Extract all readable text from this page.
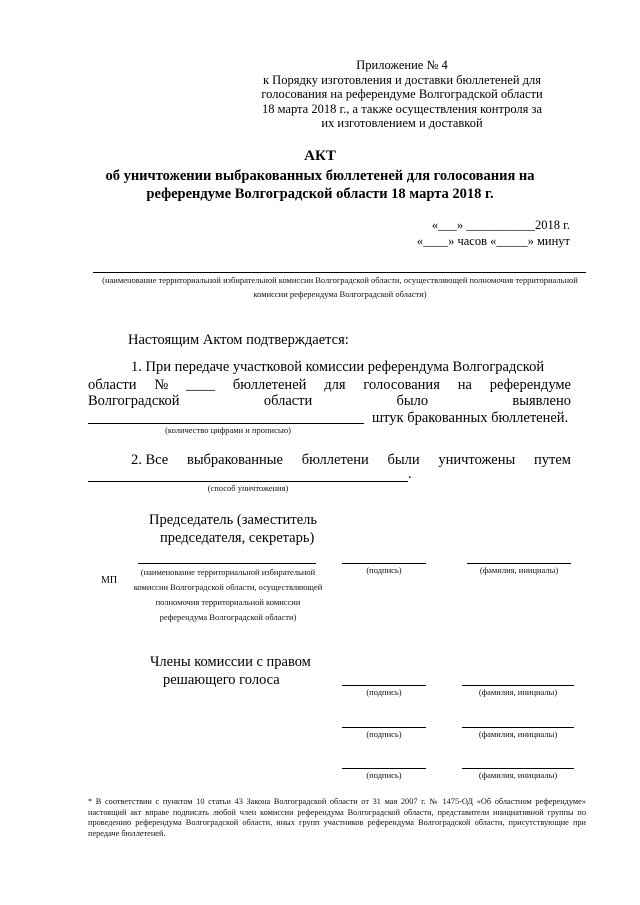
Приложение № 4
к Порядку изготовления и доставки бюллетеней для
голосования на референдуме Волгоградской области
18 марта 2018 г., а также осуществления контроля за
их изготовлением и доставкой
АКТ
об уничтожении выбракованных бюллетеней для голосования на
референдуме Волгоградской области 18 марта 2018 г.
«___» ___________2018 г.
«____» часов «_____» минут
(наименование территориальной избирательной комиссии Волгоградской области, осуществляющей полномочия территориальной
комиссии референдума Волгоградской области)
Настоящим Актом подтверждается:
1. При передаче участковой комиссии референдума Волгоградской
области № ____ бюллетеней для голосования на референдуме
Волгоградской	области	было	выявлено
штук бракованных бюллетеней.
(количество цифрами и прописью)
2. Все выбракованные бюллетени были уничтожены путем
.
(способ уничтожения)
Председатель (заместитель
председателя, секретарь)
(наименование территориальной избирательной
комиссии Волгоградской области, осуществляющей
полномочия территориальной комиссии
референдума Волгоградской области)
МП
(подпись)	(фамилия, инициалы)
Члены комиссии с правом
решающего голоса
(подпись)	(фамилия, инициалы)
(подпись)	(фамилия, инициалы)
(подпись)	(фамилия, инициалы)
* В соответствии с пунктом 10 статьи 43 Закона Волгоградской области от 31 мая 2007 г. № 1475-ОД «Об областном референдуме» настоящий акт вправе подписать любой член комиссии референдума Волгоградской области, представители инициативной группы по проведению референдума Волгоградской области, иных групп участников референдума Волгоградской области, присутствующие при передаче бюллетеней.
